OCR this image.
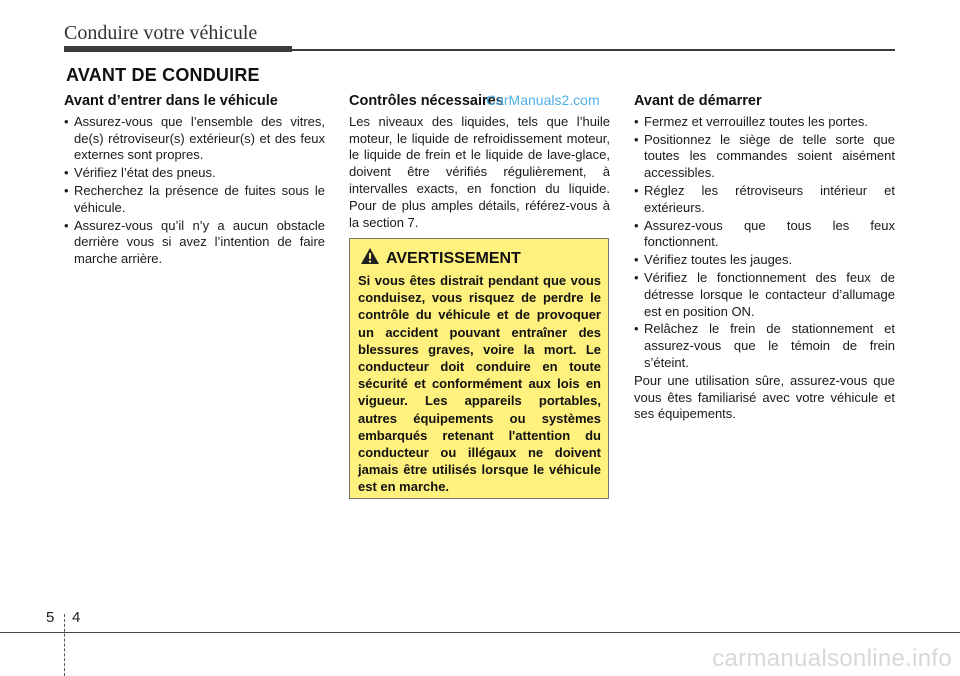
Conduire votre véhicule
AVANT DE CONDUIRE
Avant d’entrer dans le véhicule
• Assurez-vous que l’ensemble des vitres, de(s) rétroviseur(s) extérieur(s) et des feux externes sont propres.
• Vérifiez l’état des pneus.
• Recherchez la présence de fuites sous le véhicule.
• Assurez-vous qu’il n’y a aucun obstacle derrière vous si avez l’intention de faire marche arrière.
Contrôles nécessaires

Les niveaux des liquides, tels que l’huile moteur, le liquide de refroidissement moteur, le liquide de frein et le liquide de lave-glace, doivent être vérifiés régulièrement, à intervalles exacts, en fonction du liquide. Pour de plus amples détails, référez-vous à la section 7.

CarManuals2.com
AVERTISSEMENT
Si vous êtes distrait pendant que vous conduisez, vous risquez de perdre le contrôle du véhicule et de provoquer un accident pouvant entraîner des blessures graves, voire la mort. Le conducteur doit conduire en toute sécurité et conformément aux lois en vigueur. Les appareils portables, autres équipements ou systèmes embarqués retenant l'attention du conducteur ou illégaux ne doivent jamais être utilisés lorsque le véhicule est en marche.
Avant de démarrer
• Fermez et verrouillez toutes les portes.
• Positionnez le siège de telle sorte que toutes les commandes soient aisément accessibles.
• Réglez les rétroviseurs intérieur et extérieurs.
• Assurez-vous que tous les feux fonctionnent.
• Vérifiez toutes les jauges.
• Vérifiez le fonctionnement des feux de détresse lorsque le contacteur d’allumage est en position ON.
• Relâchez le frein de stationnement et assurez-vous que le témoin de frein s’éteint.

Pour une utilisation sûre, assurez-vous que vous êtes familiarisé avec votre véhicule et ses équipements.

5 4
carmanualsonline.info
